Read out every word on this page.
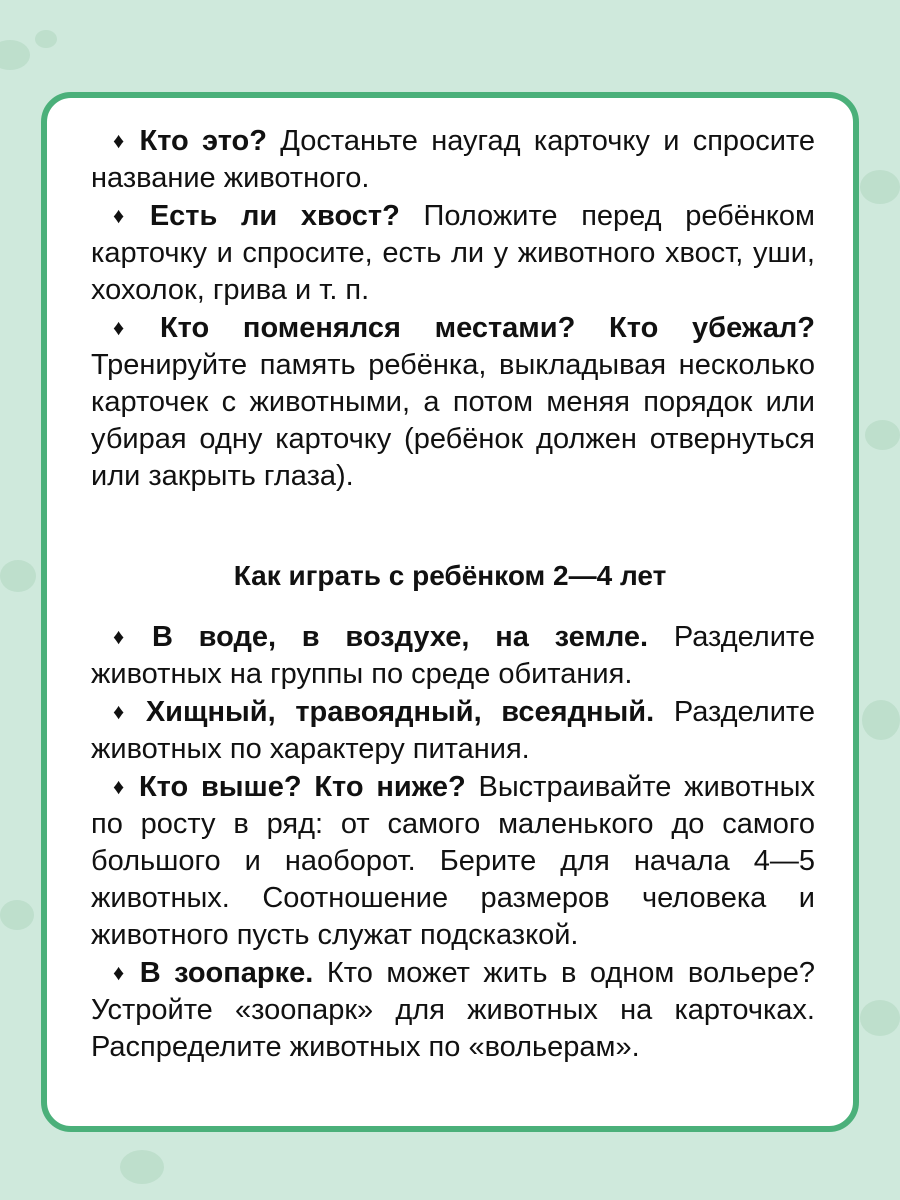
♦ Кто это? Достаньте наугад карточку и спросите название животного.

♦ Есть ли хвост? Положите перед ребёнком карточку и спросите, есть ли у животного хвост, уши, хохолок, грива и т. п.

♦ Кто поменялся местами? Кто убежал? Тренируйте память ребёнка, выкладывая несколько карточек с животными, а потом меняя порядок или убирая одну карточку (ребёнок должен отвернуться или закрыть глаза).

Как играть с ребёнком 2—4 лет

♦ В воде, в воздухе, на земле. Разделите животных на группы по среде обитания.

♦ Хищный, травоядный, всеядный. Разделите животных по характеру питания.

♦ Кто выше? Кто ниже? Выстраивайте животных по росту в ряд: от самого маленького до самого большого и наоборот. Берите для начала 4—5 животных. Соотношение размеров человека и животного пусть служат подсказкой.

♦ В зоопарке. Кто может жить в одном вольере? Устройте «зоопарк» для животных на карточках. Распределите животных по «вольерам».
